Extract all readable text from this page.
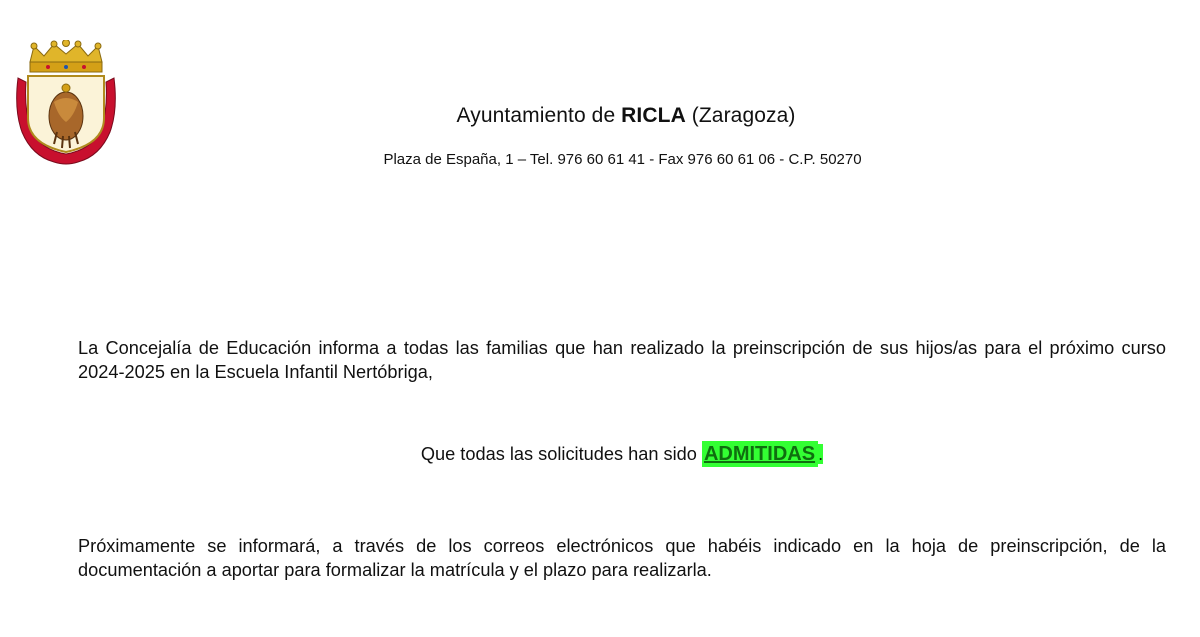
Ayuntamiento de RICLA (Zaragoza)
Plaza de España, 1 – Tel. 976 60 61 41 - Fax 976 60 61 06 - C.P. 50270
La Concejalía de Educación informa a todas las familias que han realizado la preinscripción de sus hijos/as para el próximo curso 2024-2025 en la Escuela Infantil Nertóbriga,
Que todas las solicitudes han sido ADMITIDAS .
Próximamente se informará, a través de los correos electrónicos que habéis indicado en la hoja de preinscripción, de la documentación a aportar para formalizar la matrícula y el plazo para realizarla.
